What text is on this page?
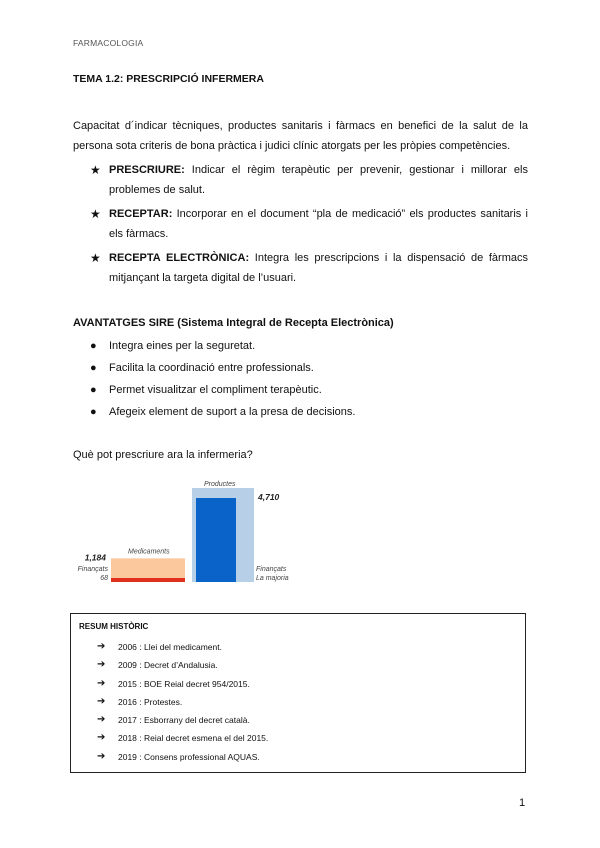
FARMACOLOGIA
TEMA 1.2: PRESCRIPCIÓ INFERMERA

Capacitat d´indicar tècniques, productes sanitaris i fàrmacs en benefici de la salut de la persona sota criteris de bona pràctica i judici clínic atorgats per les pròpies competències.

★ PRESCRIURE: Indicar el règim terapèutic per prevenir, gestionar i millorar els problemes de salut.
★ RECEPTAR: Incorporar en el document “pla de medicació” els productes sanitaris i els fàrmacs.
★ RECEPTA ELECTRÒNICA: Integra les prescripcions i la dispensació de fàrmacs mitjançant la targeta digital de l’usuari.
AVANTATGES SIRE (Sistema Integral de Recepta Electrònica)
● Integra eines per la seguretat.
● Facilita la coordinació entre professionals.
● Permet visualitzar el compliment terapèutic.
● Afegeix element de suport a la presa de decisions.
Què pot prescriure ara la infermeria?
Medicaments
Productes
1,184
4,710
68
Finançats	Finançats
La majoria
RESUM HISTÒRIC
➔ 2006 : Llei del medicament.
➔ 2009 : Decret d’Andalusia.
➔ 2015 : BOE Reial decret 954/2015.
➔ 2016 : Protestes.
➔ 2017 : Esborrany del decret català.
➔ 2018 : Reial decret esmena el del 2015.
➔ 2019 : Consens professional AQUAS.
1
